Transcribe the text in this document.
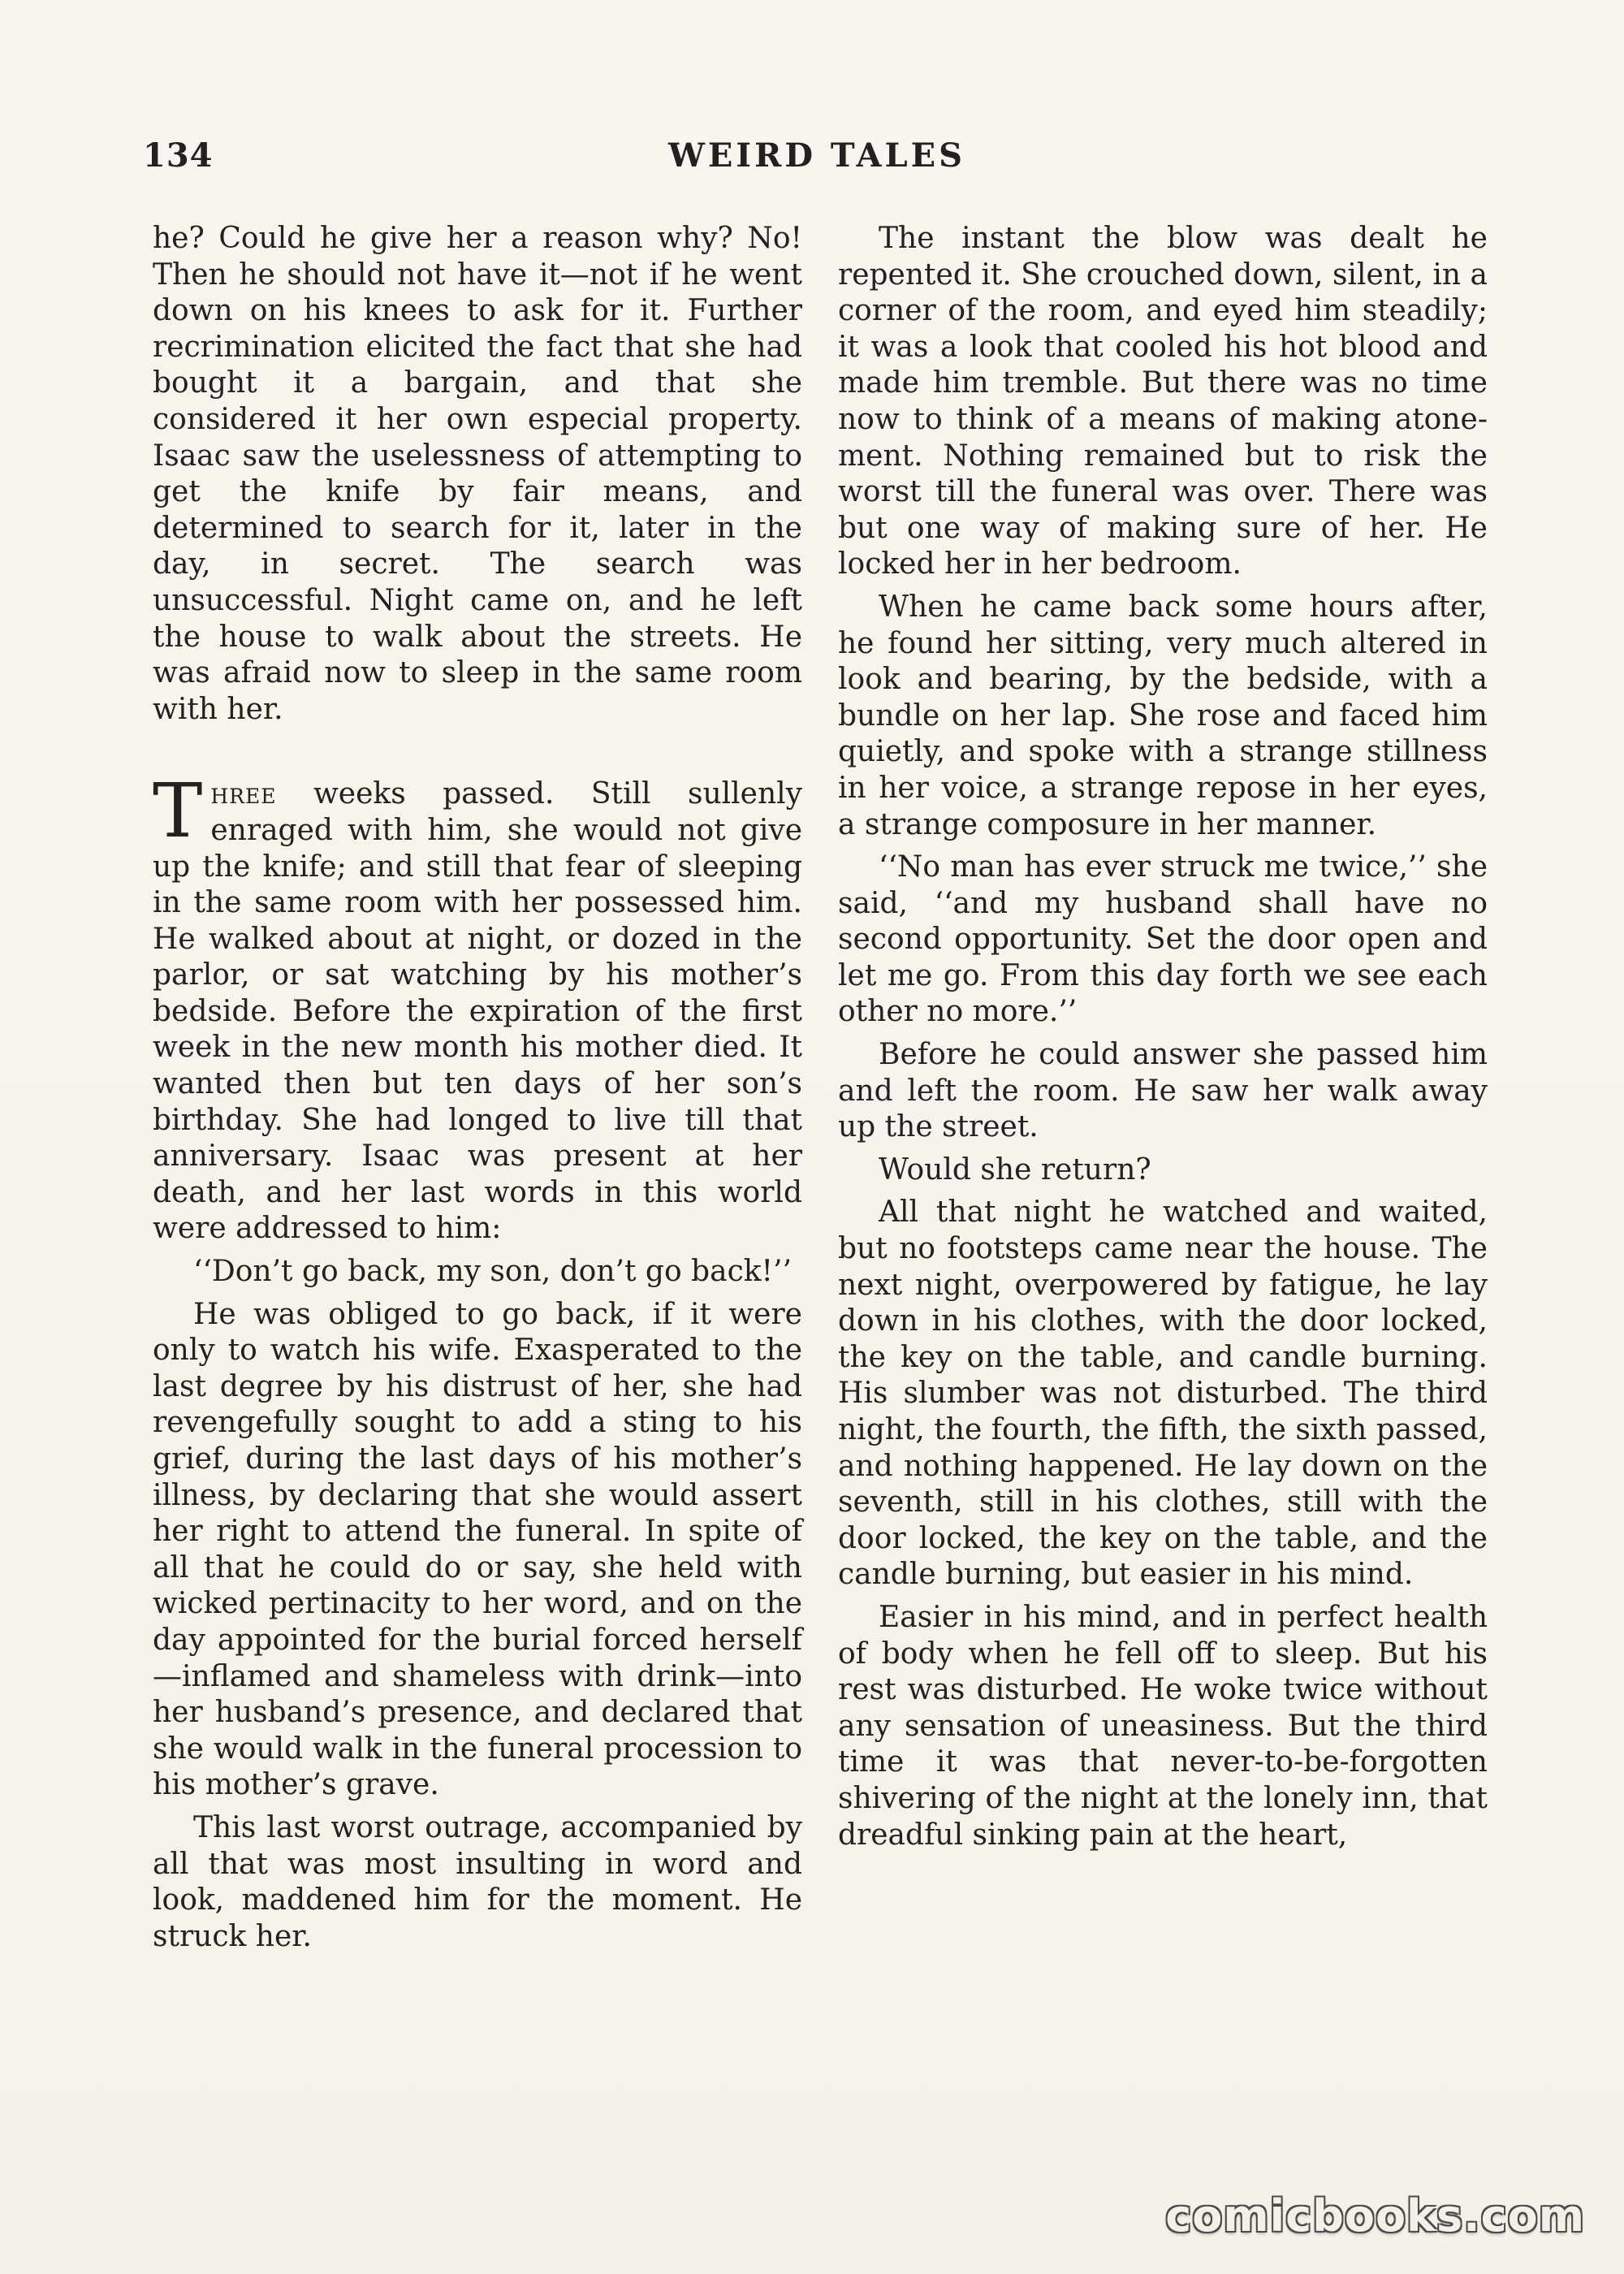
134	WEIRD TALES

he? Could he give her a reason why? No! Then he should not have it—not if he went down on his knees to ask for it. Further recrimination elicited the fact that she had bought it a bargain, and that she considered it her own especial property. Isaac saw the uselessness of attempting to get the knife by fair means, and determined to search for it, later in the day, in secret. The search was unsuccessful. Night came on, and he left the house to walk about the streets. He was afraid now to sleep in the same room with her.

Three weeks passed. Still sullenly enraged with him, she would not give up the knife; and still that fear of sleeping in the same room with her possessed him. He walked about at night, or dozed in the parlor, or sat watching by his mother’s bedside. Before the expiration of the first week in the new month his mother died. It wanted then but ten days of her son’s birthday. She had longed to live till that anniversary. Isaac was present at her death, and her last words in this world were addressed to him:

‘‘Don’t go back, my son, don’t go back!’’

He was obliged to go back, if it were only to watch his wife. Exasperated to the last degree by his distrust of her, she had revengefully sought to add a sting to his grief, during the last days of his mother’s illness, by declaring that she would assert her right to attend the funeral. In spite of all that he could do or say, she held with wicked pertinacity to her word, and on the day appointed for the burial forced herself—inflamed and shameless with drink—into her husband’s presence, and declared that she would walk in the funeral procession to his mother’s grave.

This last worst outrage, accompanied by all that was most insulting in word and look, maddened him for the moment. He struck her.

The instant the blow was dealt he repented it. She crouched down, silent, in a corner of the room, and eyed him steadily; it was a look that cooled his hot blood and made him tremble. But there was no time now to think of a means of making atonement. Nothing remained but to risk the worst till the funeral was over. There was but one way of making sure of her. He locked her in her bedroom.

When he came back some hours after, he found her sitting, very much altered in look and bearing, by the bedside, with a bundle on her lap. She rose and faced him quietly, and spoke with a strange stillness in her voice, a strange repose in her eyes, a strange composure in her manner.

‘‘No man has ever struck me twice,’’ she said, ‘‘and my husband shall have no second opportunity. Set the door open and let me go. From this day forth we see each other no more.’’

Before he could answer she passed him and left the room. He saw her walk away up the street.

Would she return?

All that night he watched and waited, but no footsteps came near the house. The next night, overpowered by fatigue, he lay down in his clothes, with the door locked, the key on the table, and candle burning. His slumber was not disturbed. The third night, the fourth, the fifth, the sixth passed, and nothing happened. He lay down on the seventh, still in his clothes, still with the door locked, the key on the table, and the candle burning, but easier in his mind.

Easier in his mind, and in perfect health of body when he fell off to sleep. But his rest was disturbed. He woke twice without any sensation of uneasiness. But the third time it was that never-to-be-forgotten shivering of the night at the lonely inn, that dreadful sinking pain at the heart,

comicbooks.com
